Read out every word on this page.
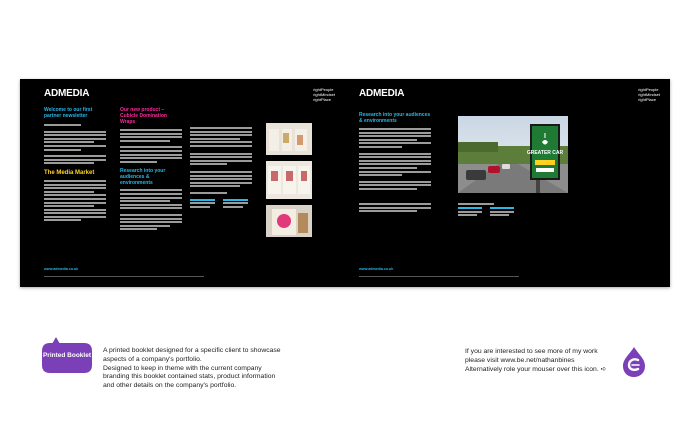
ADMEDIA	rightPeople
rightMindset
rightPlace
Welcome to our first partner newsletter
The Media Market
Our new product – Cubicle Domination Wraps
Research into your audiences & environments
www.admedia.co.uk
ADMEDIA	rightPeople
rightMindset
rightPlace
Research into your audiences & environments
I
GREATER CAR
www.admedia.co.uk
Printed Booklet
A printed booklet designed for a specific client to showcase
aspects of a company's portfolio.
Designed to keep in theme with the current company
branding this booklet contained stats, product information
and other details on the company's portfolio.
If you are interested to see more of my work
please visit www.be.net/nathanbines
Alternatively role your mouser over this icon. ➪
